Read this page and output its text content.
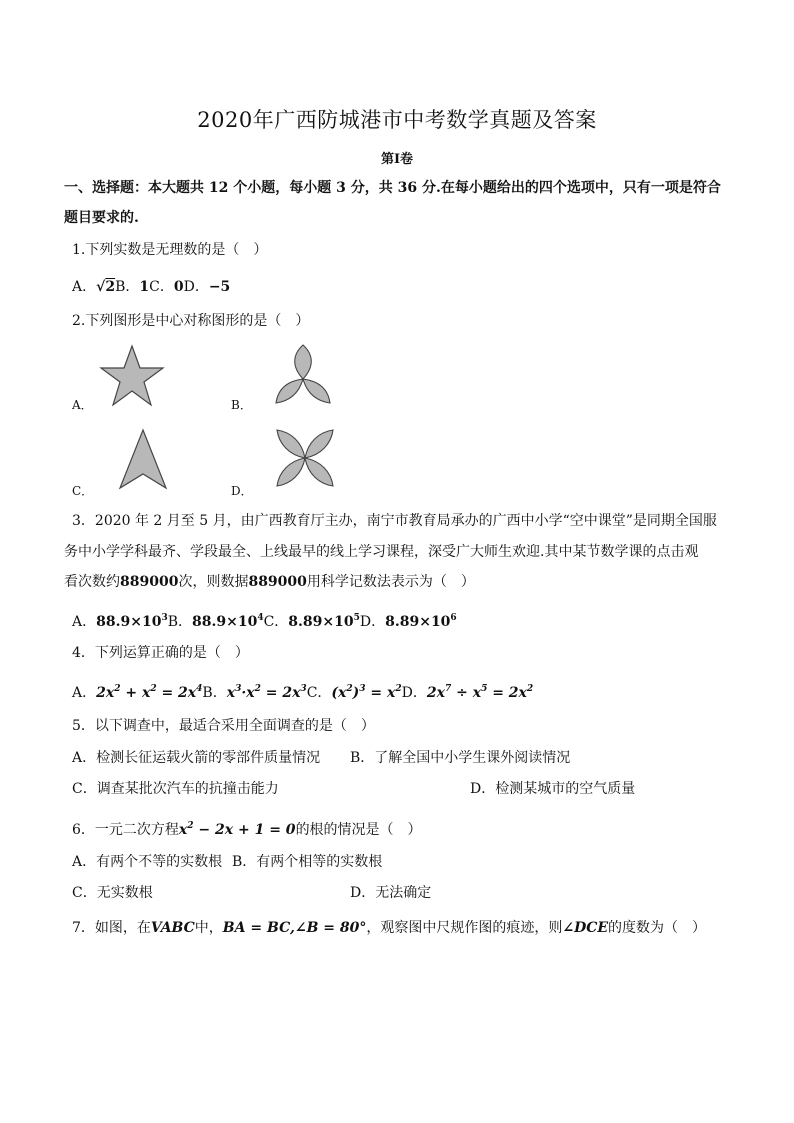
2020年广西防城港市中考数学真题及答案
第Ⅰ卷
一、选择题：本大题共 12 个小题，每小题 3 分，共 36 分.在每小题给出的四个选项中，只有一项是符合
题目要求的.
1.下列实数是无理数的是（　）
A．√2B．1C．0D．−5
2.下列图形是中心对称图形的是（　）
A．	B．
C．	D．
3．2020 年 2 月至 5 月，由广西教育厅主办，南宁市教育局承办的广西中小学“空中课堂”是同期全国服
务中小学学科最齐、学段最全、上线最早的线上学习课程，深受广大师生欢迎.其中某节数学课的点击观
看次数约889000次，则数据889000用科学记数法表示为（　）
A．$88.9\times 10^3B$．$88.9\times 10^4C$．$8.89\times 10^5D$．$8.89\times 10^6$
4．下列运算正确的是（　）
A．$2x^2 + x^2 = 2x^4B$．$x^3\cdot x^2 = 2x^3C$．$(x^2)^3 = x^2D$．$2x^7 \div x^5 = 2x^2$
5．以下调查中，最适合采用全面调查的是（　）
A．检测长征运载火箭的零部件质量情况 B．了解全国中小学生课外阅读情况
C．调查某批次汽车的抗撞击能力	D．检测某城市的空气质量
6．一元二次方程$x^2 - 2x + 1 = 0$的根的情况是（　）
A．有两个不等的实数根 B．有两个相等的实数根
C．无实数根	D．无法确定
7．如图，在VABC中，BA = BC,∠B = 80°，观察图中尺规作图的痕迹，则∠DCE的度数为（　）
